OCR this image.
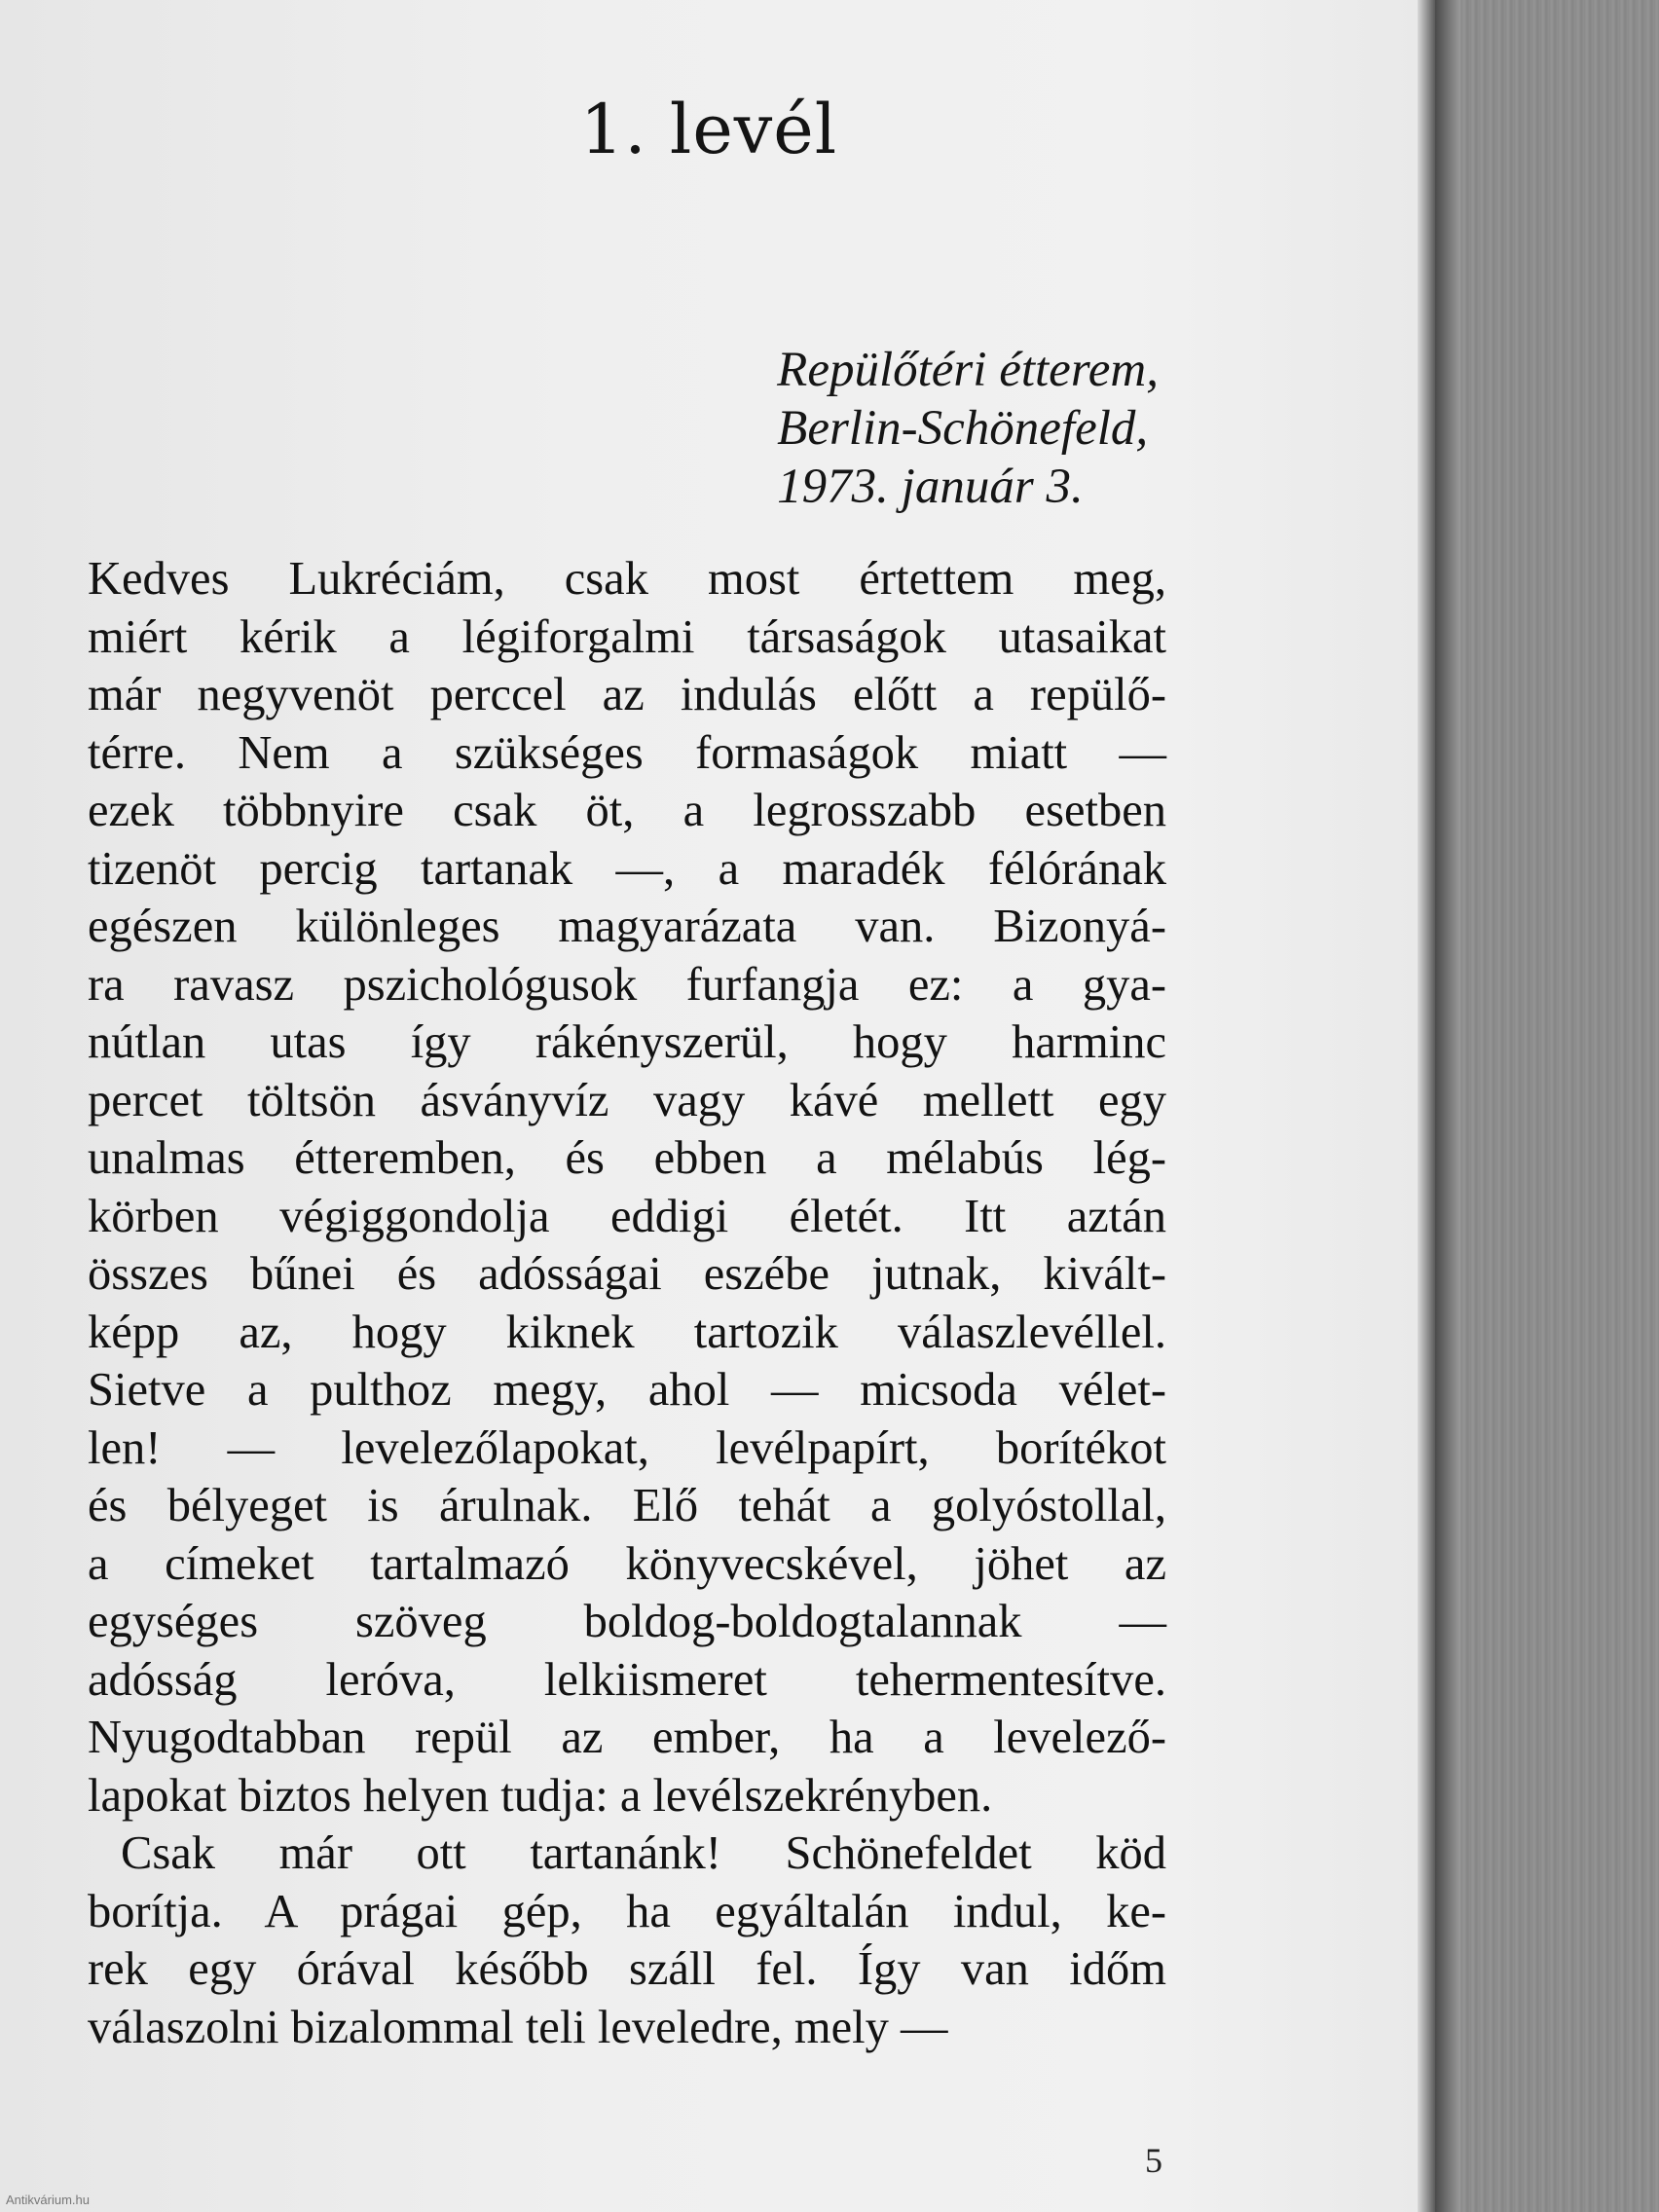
1. levél
Repülőtéri étterem,
Berlin-Schönefeld,
1973. január 3.
Kedves Lukréciám, csak most értettem meg,
miért kérik a légiforgalmi társaságok utasaikat
már negyvenöt perccel az indulás előtt a repülő-
térre. Nem a szükséges formaságok miatt —
ezek többnyire csak öt, a legrosszabb esetben
tizenöt percig tartanak —, a maradék félórának
egészen különleges magyarázata van. Bizonyá-
ra ravasz pszichológusok furfangja ez: a gya-
nútlan utas így rákényszerül, hogy harminc
percet töltsön ásványvíz vagy kávé mellett egy
unalmas étteremben, és ebben a mélabús lég-
körben végiggondolja eddigi életét. Itt aztán
összes bűnei és adósságai eszébe jutnak, kivált-
képp az, hogy kiknek tartozik válaszlevéllel.
Sietve a pulthoz megy, ahol — micsoda vélet-
len! — levelezőlapokat, levélpapírt, borítékot
és bélyeget is árulnak. Elő tehát a golyóstollal,
a címeket tartalmazó könyvecskével, jöhet az
egységes szöveg boldog-boldogtalannak —
adósság leróva, lelkiismeret tehermentesítve.
Nyugodtabban repül az ember, ha a levelező-
lapokat biztos helyen tudja: a levélszekrényben.
Csak már ott tartanánk! Schönefeldet köd
borítja. A prágai gép, ha egyáltalán indul, ke-
rek egy órával később száll fel. Így van időm
válaszolni bizalommal teli leveledre, mely —
5
Antikvárium.hu
